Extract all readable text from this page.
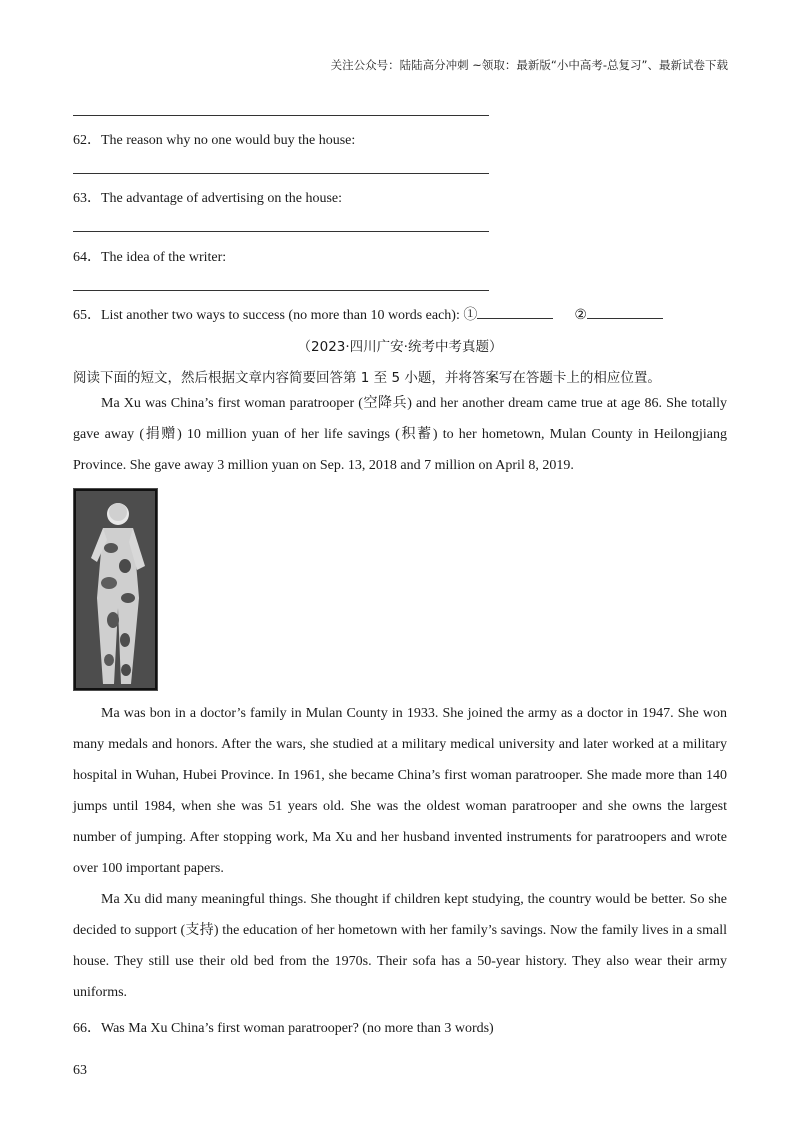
关注公众号：陆陆高分冲刺 ~领取：最新版“小中高考-总复习”、最新试卷下载
62．The reason why no one would buy the house:
63．The advantage of advertising on the house:
64．The idea of the writer:
65．List another two ways to success (no more than 10 words each): ①	②
（2023·四川广安·统考中考真题）
阅读下面的短文，然后根据文章内容简要回答第 1 至 5 小题，并将答案写在答题卡上的相应位置。

Ma Xu was China’s first woman paratrooper (空降兵) and her another dream came true at age 86. She totally gave away (捐赠) 10 million yuan of her life savings (积蓄) to her hometown, Mulan County in Heilongjiang Province. She gave away 3 million yuan on Sep. 13, 2018 and 7 million on April 8, 2019.

Ma was bon in a doctor’s family in Mulan County in 1933. She joined the army as a doctor in 1947. She won many medals and honors. After the wars, she studied at a military medical university and later worked at a military hospital in Wuhan, Hubei Province. In 1961, she became China’s first woman paratrooper. She made more than 140 jumps until 1984, when she was 51 years old. She was the oldest woman paratrooper and she owns the largest number of jumping. After stopping work, Ma Xu and her husband invented instruments for paratroopers and wrote over 100 important papers.

Ma Xu did many meaningful things. She thought if children kept studying, the country would be better. So she decided to support (支持) the education of her hometown with her family’s savings. Now the family lives in a small house. They still use their old bed from the 1970s. Their sofa has a 50-year history. They also wear their army uniforms.

66．Was Ma Xu China’s first woman paratrooper? (no more than 3 words)
63
